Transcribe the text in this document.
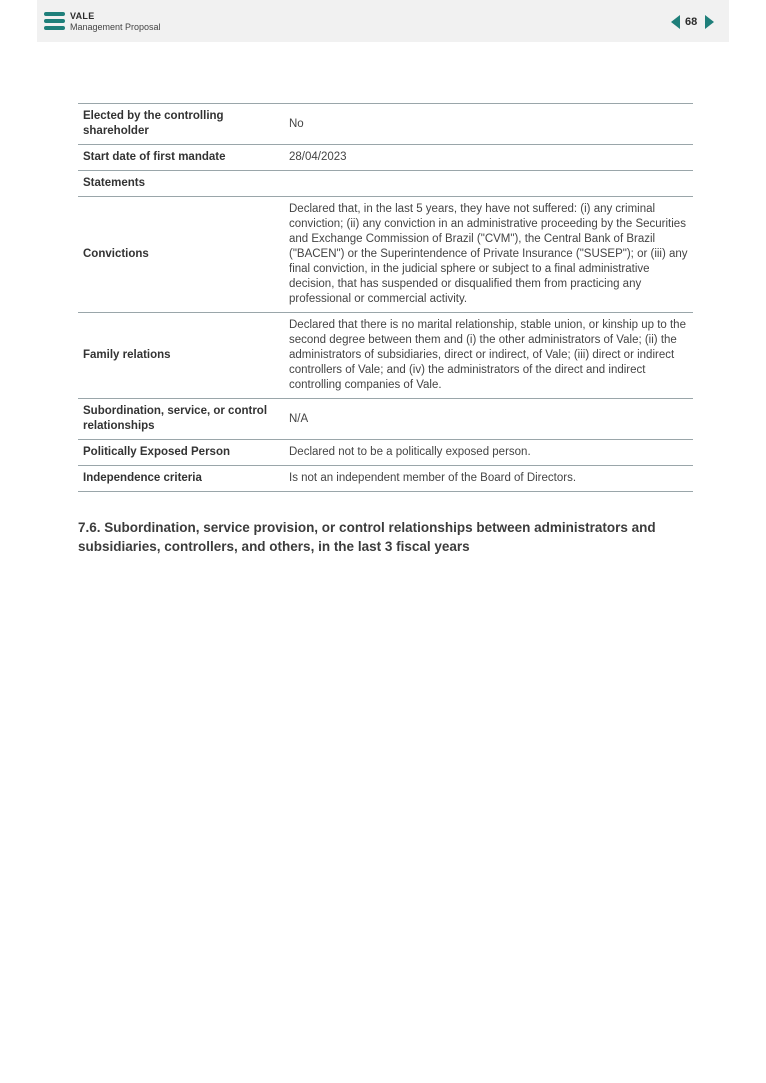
VALE
Management Proposal	68
Elected by the controlling shareholder	No
Start date of first mandate	28/04/2023
Statements	
Convictions	Declared that, in the last 5 years, they have not suffered: (i) any criminal conviction; (ii) any conviction in an administrative proceeding by the Securities and Exchange Commission of Brazil ("CVM"), the Central Bank of Brazil ("BACEN") or the Superintendence of Private Insurance ("SUSEP"); or (iii) any final conviction, in the judicial sphere or subject to a final administrative decision, that has suspended or disqualified them from practicing any professional or commercial activity.
Family relations	Declared that there is no marital relationship, stable union, or kinship up to the second degree between them and (i) the other administrators of Vale; (ii) the administrators of subsidiaries, direct or indirect, of Vale; (iii) direct or indirect controllers of Vale; and (iv) the administrators of the direct and indirect controlling companies of Vale.
Subordination, service, or control relationships	N/A
Politically Exposed Person	Declared not to be a politically exposed person.
Independence criteria	Is not an independent member of the Board of Directors.
7.6. Subordination, service provision, or control relationships between administrators and subsidiaries, controllers, and others, in the last 3 fiscal years
